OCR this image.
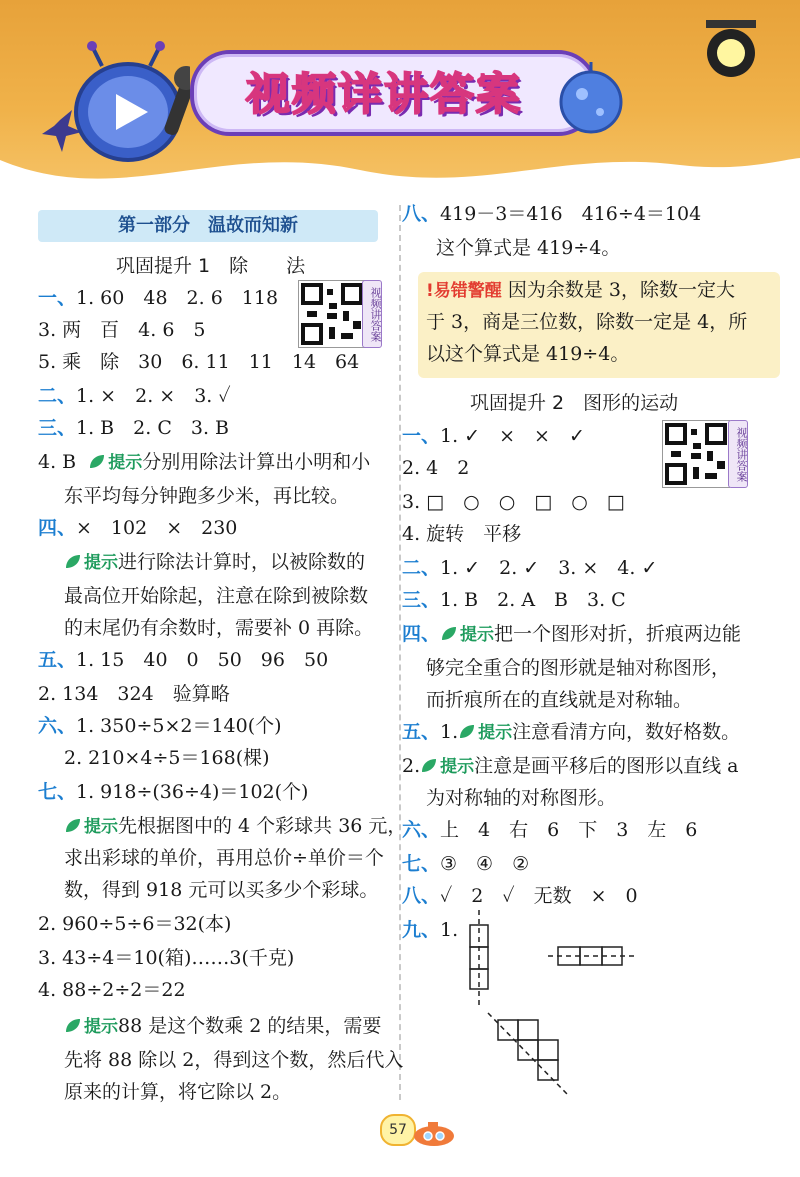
视频详讲答案
第一部分　温故而知新
巩固提升 1　除　　法
视频讲答案
一、1. 60　48　2. 6　118
3. 两　百　4. 6　5
5. 乘　除　30　6. 11　11　14　64
二、1. ×　2. ×　3. ✓
三、1. B　2. C　3. B
4. B 提示分别用除法计算出小明和小
东平均每分钟跑多少米，再比较。
四、×　102　×　230
提示进行除法计算时，以被除数的
最高位开始除起，注意在除到被除数
的末尾仍有余数时，需要补 0 再除。
五、1. 15　40　0　50　96　50
2. 134　324　验算略
六、1. 350÷5×2＝140(个)
2. 210×4÷5＝168(棵)
七、1. 918÷(36÷4)＝102(个)
提示先根据图中的 4 个彩球共 36 元，
求出彩球的单价，再用总价÷单价＝个
数，得到 918 元可以买多少个彩球。
2. 960÷5÷6＝32(本)
3. 43÷4＝10(箱)……3(千克)
4. 88÷2÷2＝22
提示88 是这个数乘 2 的结果，需要
先将 88 除以 2，得到这个数，然后代入
原来的计算，将它除以 2。
八、419－3＝416　416÷4＝104
这个算式是 419÷4。
!易错警醒 因为余数是 3，除数一定大
于 3，商是三位数，除数一定是 4，所
以这个算式是 419÷4。
巩固提升 2　图形的运动
视频讲答案
一、1. ✓　×　×　✓
2. 4　2
3. □　○　○　□　○　□
4. 旋转　平移
二、1. ✓　2. ✓　3. ×　4. ✓
三、1. B　2. A　B　3. C
四、 提示把一个图形对折，折痕两边能
够完全重合的图形就是轴对称图形，
而折痕所在的直线就是对称轴。
五、1. 提示注意看清方向，数好格数。
2. 提示注意是画平移后的图形以直线 a
为对称轴的对称图形。
六、上　4　右　6　下　3　左　6
七、③　④　②
八、✓　2　✓　无数　×　0
九、1.
57
